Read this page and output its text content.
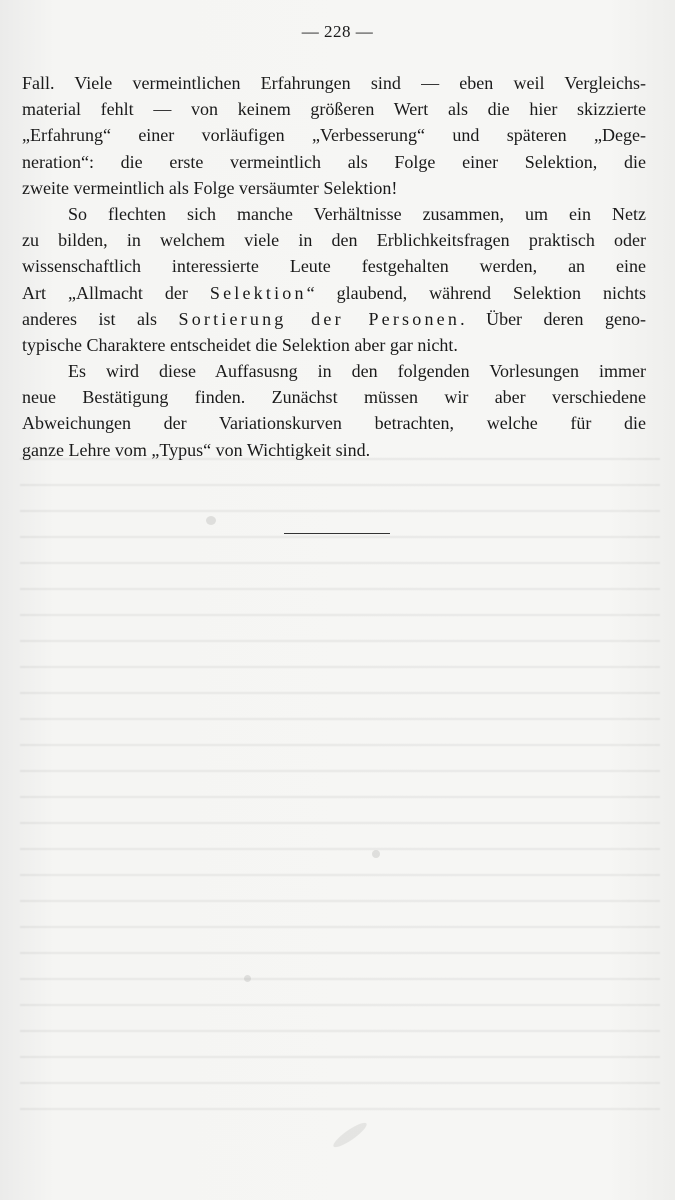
— 228 —
Fall. Viele vermeintlichen Erfahrungen sind — eben weil Vergleichs-
material fehlt — von keinem größeren Wert als die hier skizzierte
„Erfahrung“ einer vorläufigen „Verbesserung“ und späteren „Dege-
neration“: die erste vermeintlich als Folge einer Selektion, die
zweite vermeintlich als Folge versäumter Selektion!
So flechten sich manche Verhältnisse zusammen, um ein Netz
zu bilden, in welchem viele in den Erblichkeitsfragen praktisch oder
wissenschaftlich interessierte Leute festgehalten werden, an eine
Art „Allmacht der Selektion“ glaubend, während Selektion nichts
anderes ist als Sortierung der Personen. Über deren geno-
typische Charaktere entscheidet die Selektion aber gar nicht.
Es wird diese Auffasusng in den folgenden Vorlesungen immer
neue Bestätigung finden. Zunächst müssen wir aber verschiedene
Abweichungen der Variationskurven betrachten, welche für die
ganze Lehre vom „Typus“ von Wichtigkeit sind.
